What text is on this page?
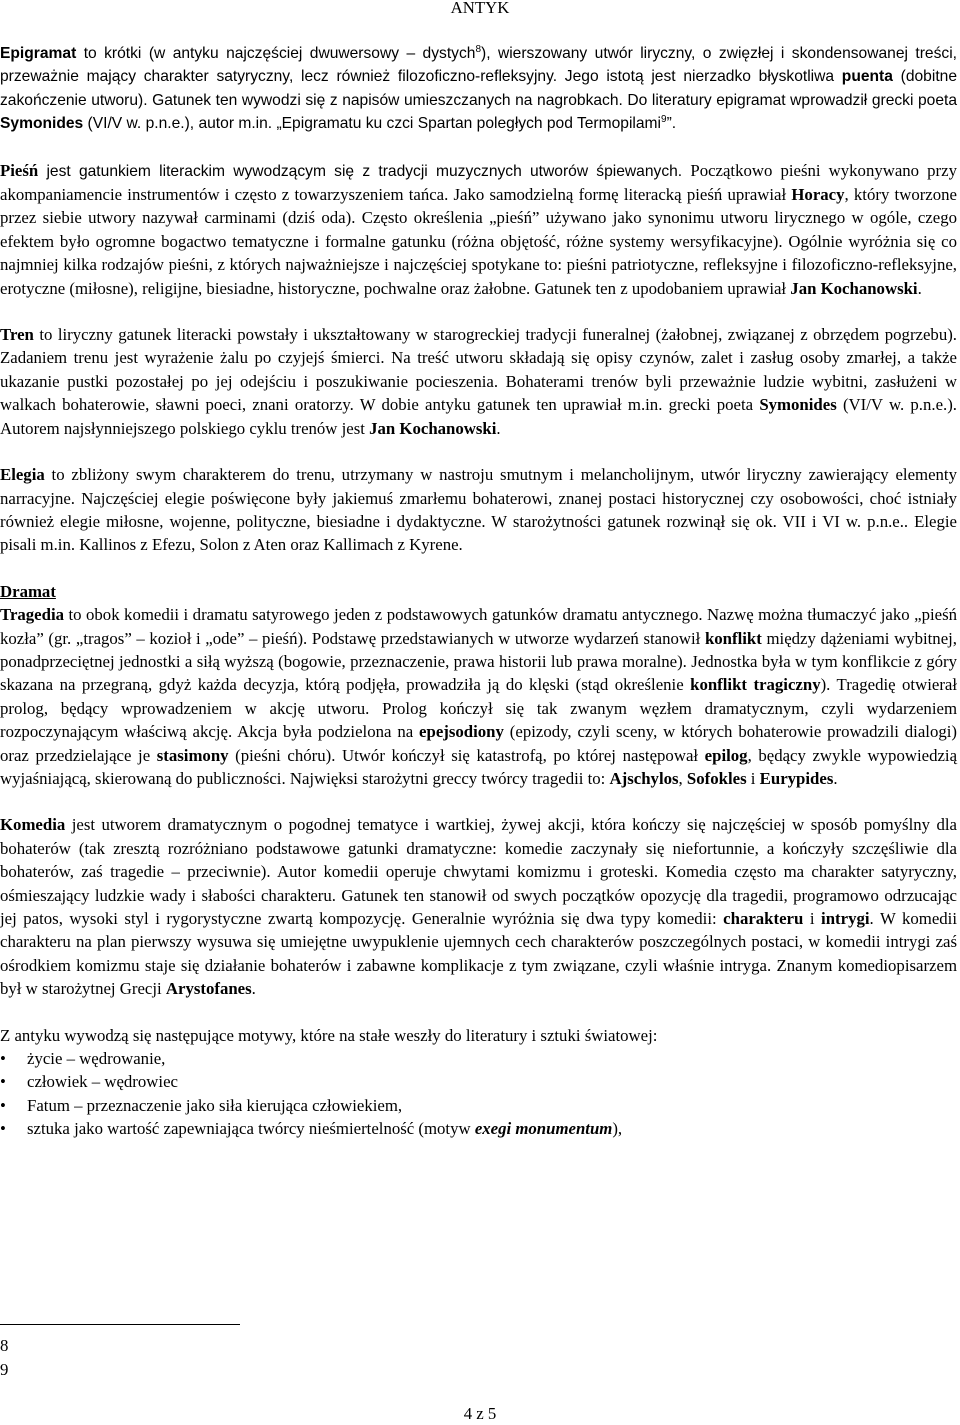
ANTYK

Epigramat to krótki (w antyku najczęściej dwuwersowy – dystych$^8$), wierszowany utwór liryczny, o zwięzłej i skondensowanej treści, przeważnie mający charakter satyryczny, lecz również filozoficzno-refleksyjny. Jego istotą jest nierzadko błyskotliwa puenta (dobitne zakończenie utworu). Gatunek ten wywodzi się z napisów umieszczanych na nagrobkach. Do literatury epigramat wprowadził grecki poeta Symonides (VI/V w. p.n.e.), autor m.in. „Epigramatu ku czci Spartan poległych pod Termopilami$^9$”.

Pieśń jest gatunkiem literackim wywodzącym się z tradycji muzycznych utworów śpiewanych. Początkowo pieśni wykonywano przy akompaniamencie instrumentów i często z towarzyszeniem tańca. Jako samodzielną formę literacką pieśń uprawiał Horacy, który tworzone przez siebie utwory nazywał carminami (dziś oda). Często określenia „pieśń” używano jako synonimu utworu lirycznego w ogóle, czego efektem było ogromne bogactwo tematyczne i formalne gatunku (różna objętość, różne systemy wersyfikacyjne). Ogólnie wyróżnia się co najmniej kilka rodzajów pieśni, z których najważniejsze i najczęściej spotykane to: pieśni patriotyczne, refleksyjne i filozoficzno-refleksyjne, erotyczne (miłosne), religijne, biesiadne, historyczne, pochwalne oraz żałobne. Gatunek ten z upodobaniem uprawiał Jan Kochanowski.

Tren to liryczny gatunek literacki powstały i ukształtowany w starogreckiej tradycji funeralnej (żałobnej, związanej z obrzędem pogrzebu). Zadaniem trenu jest wyrażenie żalu po czyjejś śmierci. Na treść utworu składają się opisy czynów, zalet i zasług osoby zmarłej, a także ukazanie pustki pozostałej po jej odejściu i poszukiwanie pocieszenia. Bohaterami trenów byli przeważnie ludzie wybitni, zasłużeni w walkach bohaterowie, sławni poeci, znani oratorzy. W dobie antyku gatunek ten uprawiał m.in. grecki poeta Symonides (VI/V w. p.n.e.). Autorem najsłynniejszego polskiego cyklu trenów jest Jan Kochanowski.

Elegia to zbliżony swym charakterem do trenu, utrzymany w nastroju smutnym i melancholijnym, utwór liryczny zawierający elementy narracyjne. Najczęściej elegie poświęcone były jakiemuś zmarłemu bohaterowi, znanej postaci historycznej czy osobowości, choć istniały również elegie miłosne, wojenne, polityczne, biesiadne i dydaktyczne. W starożytności gatunek rozwinął się ok. VII i VI w. p.n.e.. Elegie pisali m.in. Kallinos z Efezu, Solon z Aten oraz Kallimach z Kyrene.

Dramat

Tragedia to obok komedii i dramatu satyrowego jeden z podstawowych gatunków dramatu antycznego. Nazwę można tłumaczyć jako „pieśń kozła” (gr. „tragos” – kozioł i „ode” – pieśń). Podstawę przedstawianych w utworze wydarzeń stanowił konflikt między dążeniami wybitnej, ponadprzeciętnej jednostki a siłą wyższą (bogowie, przeznaczenie, prawa historii lub prawa moralne). Jednostka była w tym konflikcie z góry skazana na przegraną, gdyż każda decyzja, którą podjęła, prowadziła ją do klęski (stąd określenie konflikt tragiczny). Tragedię otwierał prolog, będący wprowadzeniem w akcję utworu. Prolog kończył się tak zwanym węzłem dramatycznym, czyli wydarzeniem rozpoczynającym właściwą akcję. Akcja była podzielona na epejsodiony (epizody, czyli sceny, w których bohaterowie prowadzili dialogi) oraz przedzielające je stasimony (pieśni chóru). Utwór kończył się katastrofą, po której następował epilog, będący zwykle wypowiedzią wyjaśniającą, skierowaną do publiczności. Najwięksi starożytni greccy twórcy tragedii to: Ajschylos, Sofokles i Eurypides.

Komedia jest utworem dramatycznym o pogodnej tematyce i wartkiej, żywej akcji, która kończy się najczęściej w sposób pomyślny dla bohaterów (tak zresztą rozróżniano podstawowe gatunki dramatyczne: komedie zaczynały się niefortunnie, a kończyły szczęśliwie dla bohaterów, zaś tragedie – przeciwnie). Autor komedii operuje chwytami komizmu i groteski. Komedia często ma charakter satyryczny, ośmieszający ludzkie wady i słabości charakteru. Gatunek ten stanowił od swych początków opozycję dla tragedii, programowo odrzucając jej patos, wysoki styl i rygorystyczne zwartą kompozycję. Generalnie wyróżnia się dwa typy komedii: charakteru i intrygi. W komedii charakteru na plan pierwszy wysuwa się umiejętne uwypuklenie ujemnych cech charakterów poszczególnych postaci, w komedii intrygi zaś ośrodkiem komizmu staje się działanie bohaterów i zabawne komplikacje z tym związane, czyli właśnie intryga. Znanym komediopisarzem był w starożytnej Grecji Arystofanes.

Z antyku wywodzą się następujące motywy, które na stałe weszły do literatury i sztuki światowej:

• życie – wędrowanie,
• człowiek – wędrowiec
• Fatum – przeznaczenie jako siła kierująca człowiekiem,
• sztuka jako wartość zapewniająca twórcy nieśmiertelność (motyw exegi monumentum),
8
9
4 z 5
